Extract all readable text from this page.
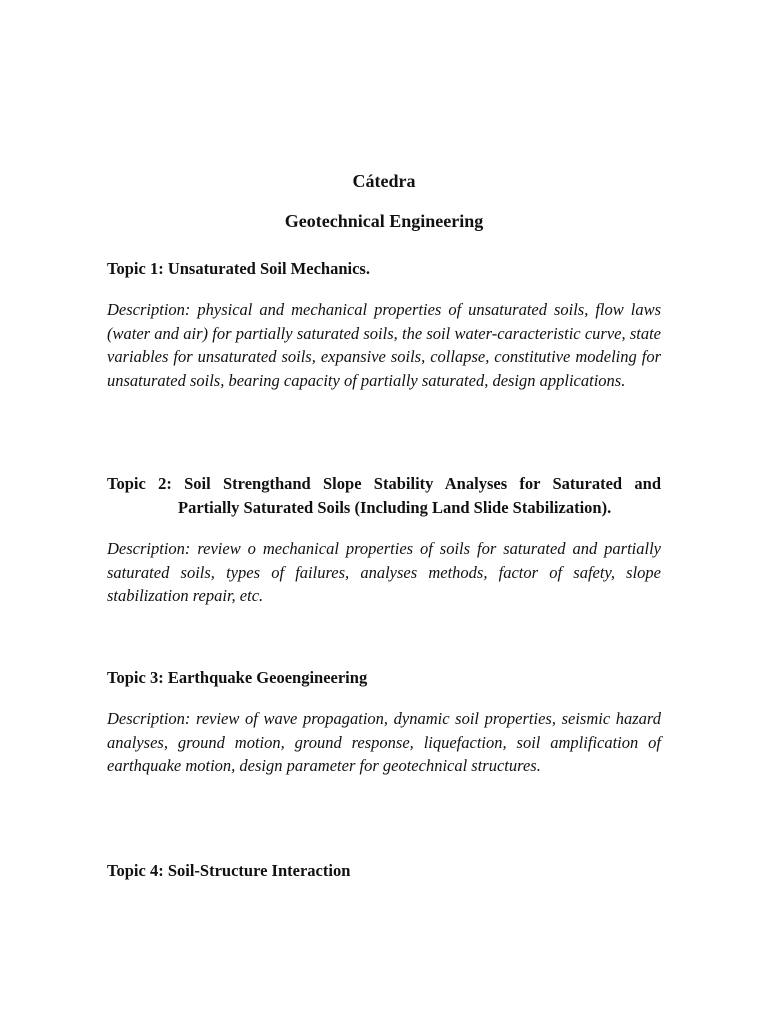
Cátedra
Geotechnical Engineering
Topic 1: Unsaturated Soil Mechanics.

Description: physical and mechanical properties of unsaturated soils, flow laws (water and air) for partially saturated soils, the soil water-caracteristic curve, state variables for unsaturated soils, expansive soils, collapse, constitutive modeling for unsaturated soils, bearing capacity of partially saturated, design applications.

Topic 2: Soil Strengthand Slope Stability Analyses for Saturated and
Partially Saturated Soils (Including Land Slide Stabilization).

Description: review o mechanical properties of soils for saturated and partially saturated soils, types of failures, analyses methods, factor of safety, slope stabilization repair, etc.

Topic 3: Earthquake Geoengineering

Description: review of wave propagation, dynamic soil properties, seismic hazard analyses, ground motion, ground response, liquefaction, soil amplification of earthquake motion, design parameter for geotechnical structures.

Topic 4: Soil-Structure Interaction
